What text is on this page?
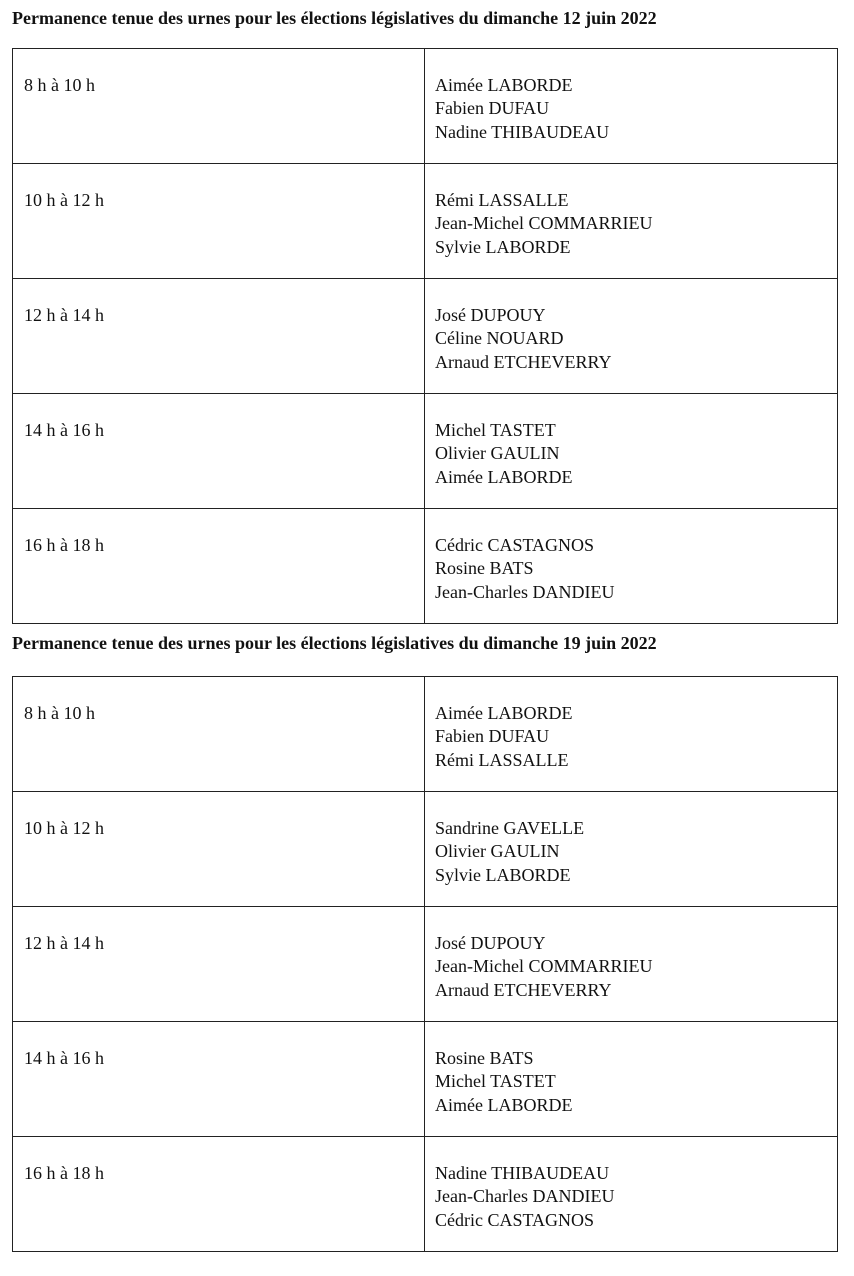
Permanence tenue des urnes pour les élections législatives du dimanche 12 juin 2022
8 h à 10 h	Aimée LABORDE
Fabien DUFAU
Nadine THIBAUDEAU

10 h à 12 h	Rémi LASSALLE
Jean-Michel COMMARRIEU
Sylvie LABORDE

12 h à 14 h	José DUPOUY
Céline NOUARD
Arnaud ETCHEVERRY

14 h à 16 h	Michel TASTET
Olivier GAULIN
Aimée LABORDE

16 h à 18 h	Cédric CASTAGNOS
Rosine BATS
Jean-Charles DANDIEU
Permanence tenue des urnes pour les élections législatives du dimanche 19 juin 2022
8 h à 10 h	Aimée LABORDE
Fabien DUFAU
Rémi LASSALLE

10 h à 12 h	Sandrine GAVELLE
Olivier GAULIN
Sylvie LABORDE

12 h à 14 h	José DUPOUY
Jean-Michel COMMARRIEU
Arnaud ETCHEVERRY

14 h à 16 h	Rosine BATS
Michel TASTET
Aimée LABORDE

16 h à 18 h	Nadine THIBAUDEAU
Jean-Charles DANDIEU
Cédric CASTAGNOS
